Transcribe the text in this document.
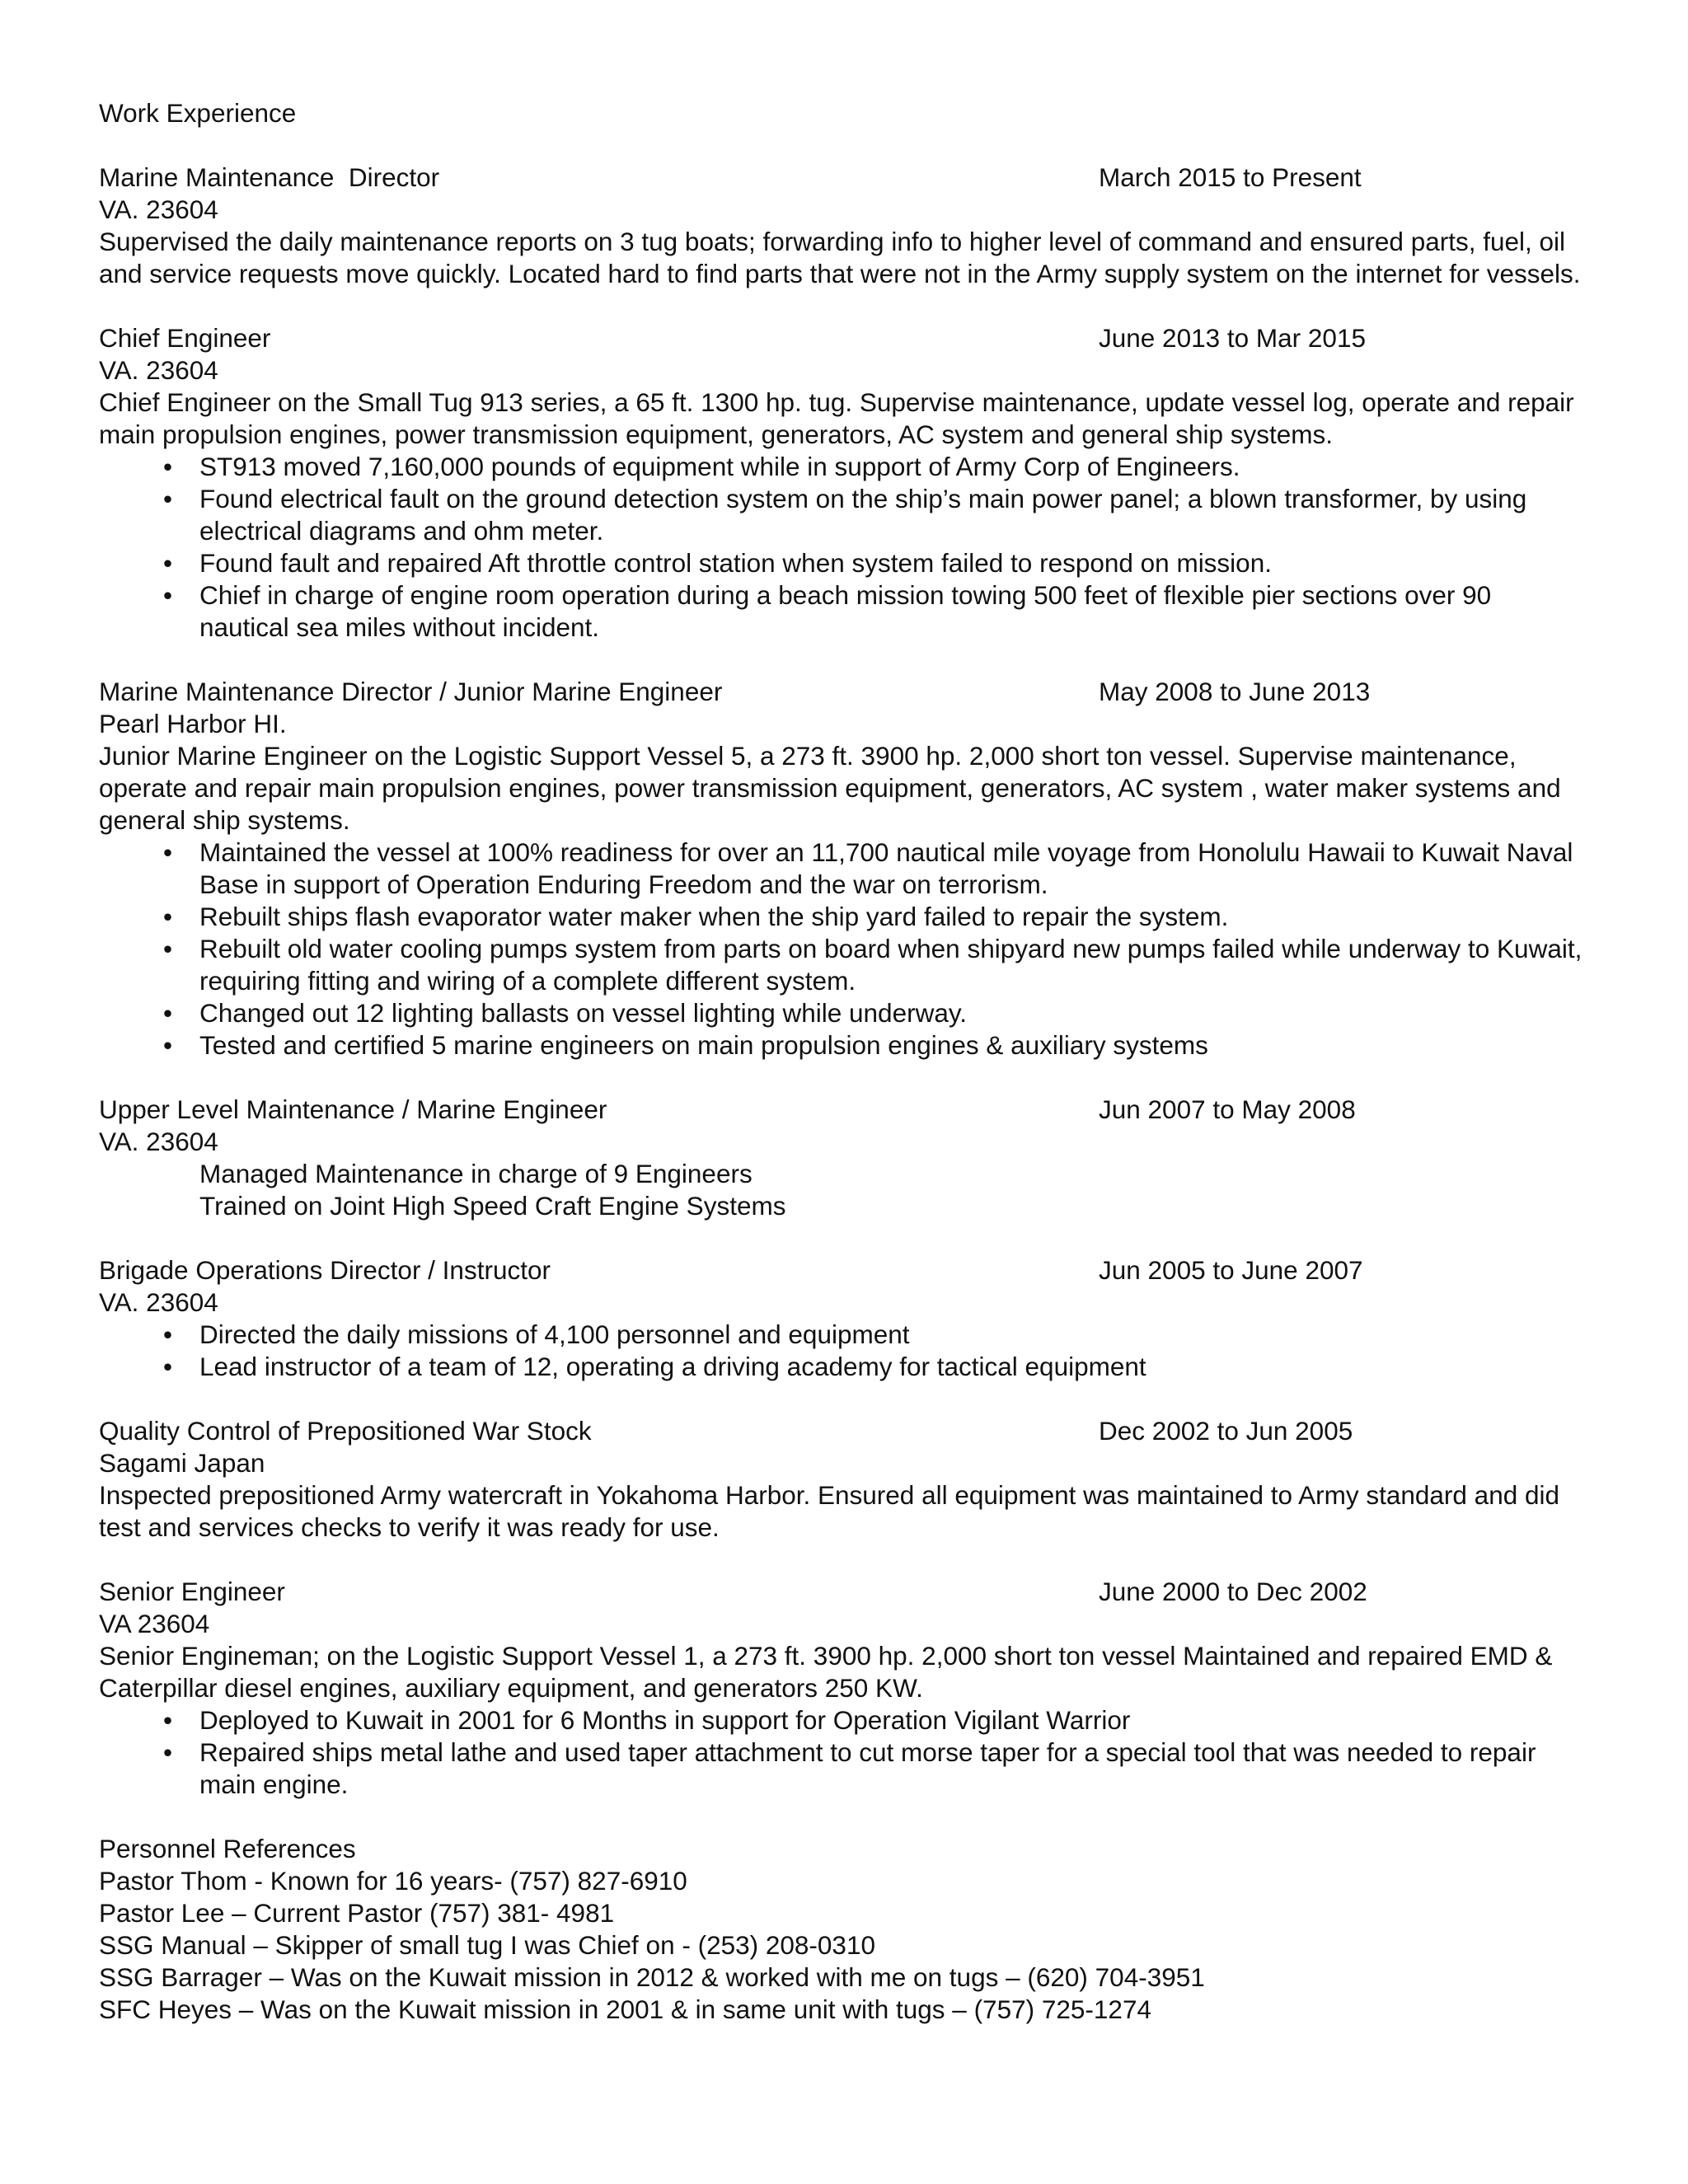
Work Experience
Marine Maintenance  Director	March 2015 to Present

VA. 23604

Supervised the daily maintenance reports on 3 tug boats; forwarding info to higher level of command and ensured parts, fuel, oil and service requests move quickly. Located hard to find parts that were not in the Army supply system on the internet for vessels.

Chief Engineer	June 2013 to Mar 2015

VA. 23604

Chief Engineer on the Small Tug 913 series, a 65 ft. 1300 hp. tug. Supervise maintenance, update vessel log, operate and repair main propulsion engines, power transmission equipment, generators, AC system and general ship systems.

• ST913 moved 7,160,000 pounds of equipment while in support of Army Corp of Engineers.
• Found electrical fault on the ground detection system on the ship’s main power panel; a blown transformer, by using electrical diagrams and ohm meter.
• Found fault and repaired Aft throttle control station when system failed to respond on mission.
• Chief in charge of engine room operation during a beach mission towing 500 feet of flexible pier sections over 90 nautical sea miles without incident.
Marine Maintenance Director / Junior Marine Engineer	May 2008 to June 2013

Pearl Harbor HI.

Junior Marine Engineer on the Logistic Support Vessel 5, a 273 ft. 3900 hp. 2,000 short ton vessel. Supervise maintenance, operate and repair main propulsion engines, power transmission equipment, generators, AC system , water maker systems and general ship systems.

• Maintained the vessel at 100% readiness for over an 11,700 nautical mile voyage from Honolulu Hawaii to Kuwait Naval Base in support of Operation Enduring Freedom and the war on terrorism.
• Rebuilt ships flash evaporator water maker when the ship yard failed to repair the system.
• Rebuilt old water cooling pumps system from parts on board when shipyard new pumps failed while underway to Kuwait, requiring fitting and wiring of a complete different system.
• Changed out 12 lighting ballasts on vessel lighting while underway.
• Tested and certified 5 marine engineers on main propulsion engines & auxiliary systems
Upper Level Maintenance / Marine Engineer	Jun 2007 to May 2008

VA. 23604

Managed Maintenance in charge of 9 Engineers

Trained on Joint High Speed Craft Engine Systems

Brigade Operations Director / Instructor	Jun 2005 to June 2007

VA. 23604

• Directed the daily missions of 4,100 personnel and equipment
• Lead instructor of a team of 12, operating a driving academy for tactical equipment
Quality Control of Prepositioned War Stock	Dec 2002 to Jun 2005

Sagami Japan

Inspected prepositioned Army watercraft in Yokahoma Harbor. Ensured all equipment was maintained to Army standard and did test and services checks to verify it was ready for use.

Senior Engineer	June 2000 to Dec 2002

VA 23604

Senior Engineman; on the Logistic Support Vessel 1, a 273 ft. 3900 hp. 2,000 short ton vessel Maintained and repaired EMD & Caterpillar diesel engines, auxiliary equipment, and generators 250 KW.

• Deployed to Kuwait in 2001 for 6 Months in support for Operation Vigilant Warrior
• Repaired ships metal lathe and used taper attachment to cut morse taper for a special tool that was needed to repair main engine.

Personnel References

Pastor Thom - Known for 16 years- (757) 827-6910

Pastor Lee – Current Pastor (757) 381- 4981

SSG Manual – Skipper of small tug I was Chief on - (253) 208-0310

SSG Barrager – Was on the Kuwait mission in 2012 & worked with me on tugs – (620) 704-3951

SFC Heyes – Was on the Kuwait mission in 2001 & in same unit with tugs – (757) 725-1274
